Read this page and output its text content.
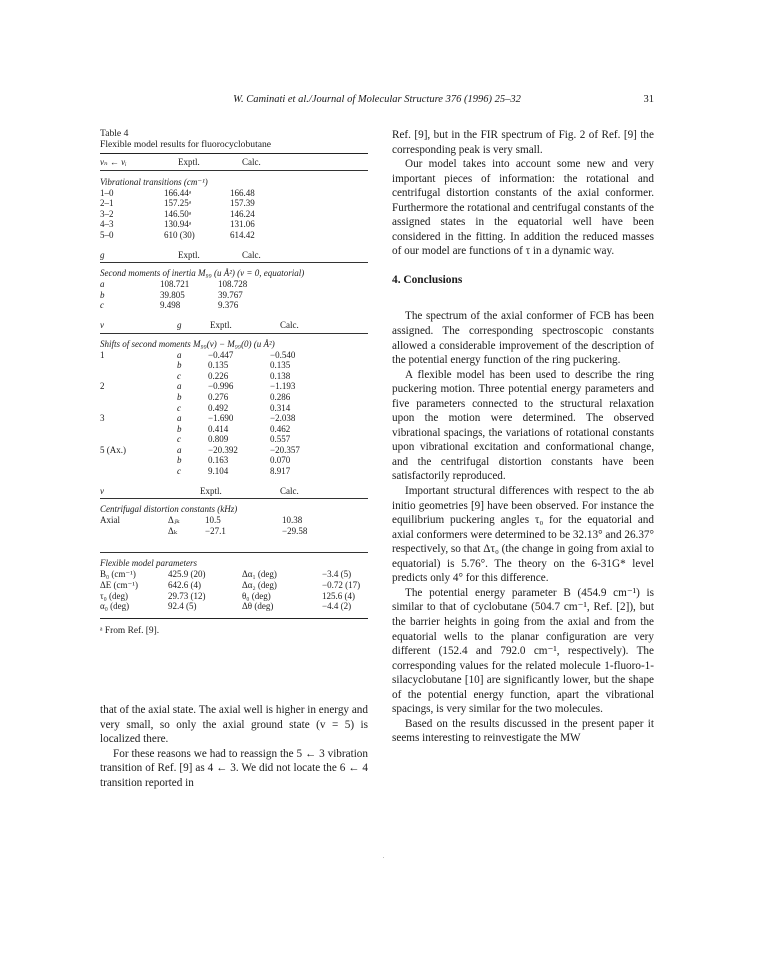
W. Caminati et al./Journal of Molecular Structure 376 (1996) 25–32	31
Table 4
Flexible model results for fluorocyclobutane
vₙ ← vᵢ	Exptl.	Calc.
Vibrational transitions (cm⁻¹)
1–0	166.44ᵃ	166.48
2–1	157.25ᵃ	157.39
3–2	146.50ᵃ	146.24
4–3	130.94ᵃ	131.06
5–0	610 (30)	614.42
g	Exptl.	Calc.
Second moments of inertia M₉₉ (u Å²) (v = 0, equatorial)
a	108.721	108.728
b	39.805	39.767
c	9.498	9.376
v	g	Exptl.	Calc.
Shifts of second moments M₉₉(v) − M₉₉(0) (u Å²)
1	a	−0.447	−0.540
b	0.135	0.135
c	0.226	0.138
2	a	−0.996	−1.193
b	0.276	0.286
c	0.492	0.314
3	a	−1.690	−2.038
b	0.414	0.462
c	0.809	0.557
5 (Ax.)	a	−20.392	−20.357
b	0.163	0.070
c	9.104	8.917
v	Exptl.	Calc.
Centrifugal distortion constants (kHz)
Axial	Δⱼₖ	10.5	10.38
Δₖ	−27.1	−29.58
Flexible model parameters
B₀ (cm⁻¹)	425.9 (20)	Δα₁ (deg)	−3.4 (5)
ΔE (cm⁻¹)	642.6 (4)	Δα₂ (deg)	−0.72 (17)
τ₀ (deg)	29.73 (12)	θ₀ (deg)	125.6 (4)
α₀ (deg)	92.4 (5)	Δθ (deg)	−4.4 (2)
ᵃ From Ref. [9].

that of the axial state. The axial well is higher in energy and very small, so only the axial ground state (v = 5) is localized there.

For these reasons we had to reassign the 5 ← 3 vibration transition of Ref. [9] as 4 ← 3. We did not locate the 6 ← 4 transition reported in

Ref. [9], but in the FIR spectrum of Fig. 2 of Ref. [9] the corresponding peak is very small.

Our model takes into account some new and very important pieces of information: the rotational and centrifugal distortion constants of the axial conformer. Furthermore the rotational and centrifugal constants of the assigned states in the equatorial well have been considered in the fitting. In addition the reduced masses of our model are functions of τ in a dynamic way.

4. Conclusions

The spectrum of the axial conformer of FCB has been assigned. The corresponding spectroscopic constants allowed a considerable improvement of the description of the potential energy function of the ring puckering.

A flexible model has been used to describe the ring puckering motion. Three potential energy parameters and five parameters connected to the structural relaxation upon the motion were determined. The observed vibrational spacings, the variations of rotational constants upon vibrational excitation and conformational change, and the centrifugal distortion constants have been satisfactorily reproduced.

Important structural differences with respect to the ab initio geometries [9] have been observed. For instance the equilibrium puckering angles τ₀ for the equatorial and axial conformers were determined to be 32.13° and 26.37° respectively, so that Δτ₀ (the change in going from axial to equatorial) is 5.76°. The theory on the 6-31G* level predicts only 4° for this difference.

The potential energy parameter B (454.9 cm⁻¹) is similar to that of cyclobutane (504.7 cm⁻¹, Ref. [2]), but the barrier heights in going from the axial and from the equatorial wells to the planar configuration are very different (152.4 and 792.0 cm⁻¹, respectively). The corresponding values for the related molecule 1-fluoro-1-silacyclobutane [10] are significantly lower, but the shape of the potential energy function, apart the vibrational spacings, is very similar for the two molecules.

Based on the results discussed in the present paper it seems interesting to reinvestigate the MW
